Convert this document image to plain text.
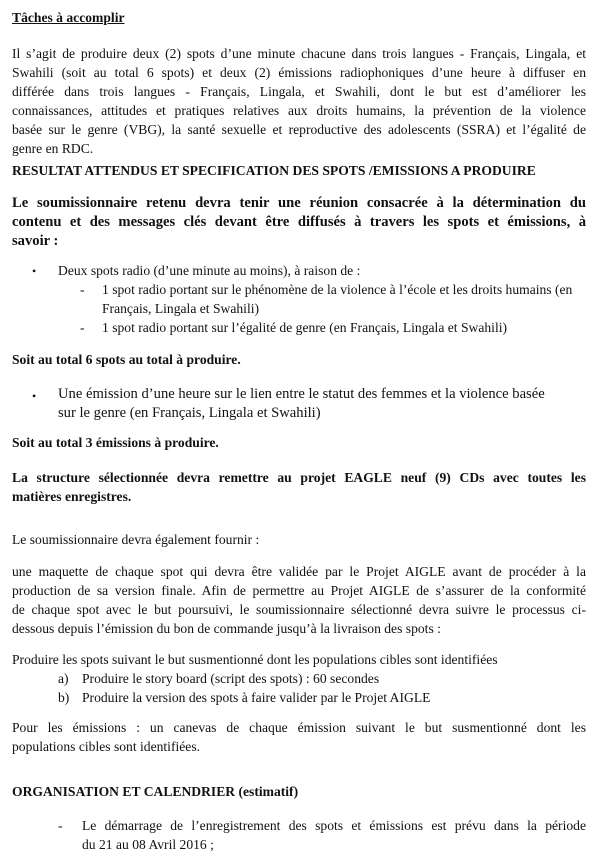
Tâches à accomplir

Il s’agit de produire deux (2) spots d’une minute chacune dans trois langues - Français, Lingala, et
Swahili (soit au total 6 spots) et deux (2) émissions radiophoniques d’une heure à diffuser en
différée dans trois langues - Français, Lingala, et Swahili, dont le but est d’améliorer les
connaissances, attitudes et pratiques relatives aux droits humains, la prévention de la violence
basée sur le genre (VBG), la santé sexuelle et reproductive des adolescents (SSRA) et l’égalité de
genre en RDC.

RESULTAT ATTENDUS ET SPECIFICATION DES SPOTS /EMISSIONS A PRODUIRE

Le soumissionnaire retenu devra tenir une réunion consacrée à la détermination du
contenu et des messages clés devant être diffusés à travers les spots et émissions, à
savoir :

• Deux spots radio (d’une minute au moins), à raison de :

- 1 spot radio portant sur le phénomène de la violence à l’école et les droits humains (en
Français, Lingala et Swahili)

- 1 spot radio portant sur l’égalité de genre (en Français, Lingala et Swahili)

Soit au total 6 spots au total à produire.

• Une émission d’une heure sur le lien entre le statut des femmes et la violence basée
sur le genre (en Français, Lingala et Swahili)

Soit au total 3 émissions à produire.

La structure sélectionnée devra remettre au projet EAGLE neuf (9) CDs avec toutes les
matières enregistres.

Le soumissionnaire devra également fournir :

une maquette de chaque spot qui devra être validée par le Projet AIGLE avant de procéder à la
production de sa version finale. Afin de permettre au Projet AIGLE de s’assurer de la conformité
de chaque spot avec le but poursuivi, le soumissionnaire sélectionné devra suivre le processus ci-
dessous depuis l’émission du bon de commande jusqu’à la livraison des spots :

Produire les spots suivant le but susmentionné dont les populations cibles sont identifiées

a) Produire le story board (script des spots) : 60 secondes

b) Produire la version des spots à faire valider par le Projet AIGLE

Pour les émissions : un canevas de chaque émission suivant le but susmentionné dont les
populations cibles sont identifiées.

ORGANISATION ET CALENDRIER (estimatif)

- Le démarrage de l’enregistrement des spots et émissions est prévu dans la période
du 21 au 08 Avril 2016 ;
